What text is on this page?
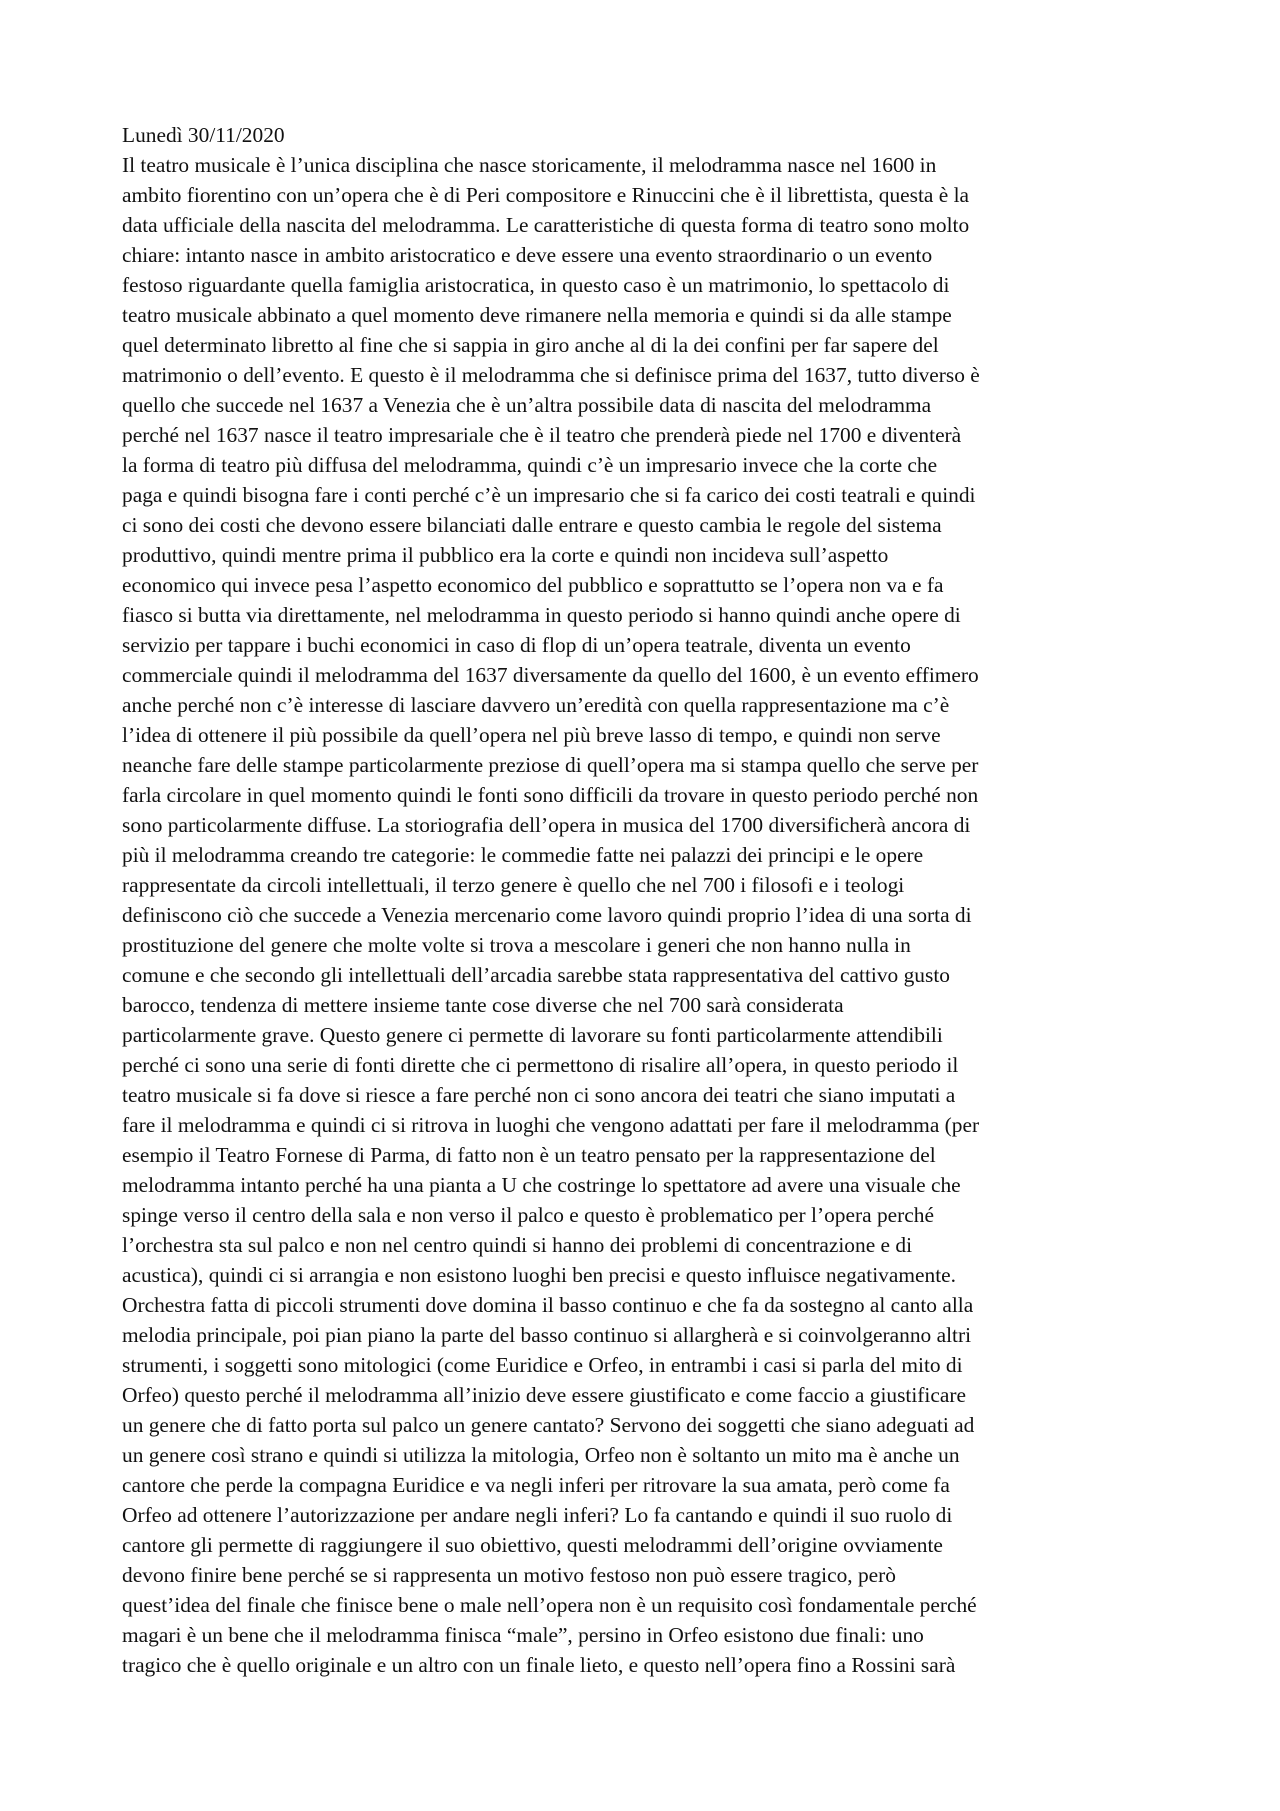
Lunedì 30/11/2020
Il teatro musicale è l’unica disciplina che nasce storicamente, il melodramma nasce nel 1600 in
ambito fiorentino con un’opera che è di Peri compositore e Rinuccini che è il librettista, questa è la
data ufficiale della nascita del melodramma. Le caratteristiche di questa forma di teatro sono molto
chiare: intanto nasce in ambito aristocratico e deve essere una evento straordinario o un evento
festoso riguardante quella famiglia aristocratica, in questo caso è un matrimonio, lo spettacolo di
teatro musicale abbinato a quel momento deve rimanere nella memoria e quindi si da alle stampe
quel determinato libretto al fine che si sappia in giro anche al di la dei confini per far sapere del
matrimonio o dell’evento. E questo è il melodramma che si definisce prima del 1637, tutto diverso è
quello che succede nel 1637 a Venezia che è un’altra possibile data di nascita del melodramma
perché nel 1637 nasce il teatro impresariale che è il teatro che prenderà piede nel 1700 e diventerà
la forma di teatro più diffusa del melodramma, quindi c’è un impresario invece che la corte che
paga e quindi bisogna fare i conti perché c’è un impresario che si fa carico dei costi teatrali e quindi
ci sono dei costi che devono essere bilanciati dalle entrare e questo cambia le regole del sistema
produttivo, quindi mentre prima il pubblico era la corte e quindi non incideva sull’aspetto
economico qui invece pesa l’aspetto economico del pubblico e soprattutto se l’opera non va e fa
fiasco si butta via direttamente, nel melodramma in questo periodo si hanno quindi anche opere di
servizio per tappare i buchi economici in caso di flop di un’opera teatrale, diventa un evento
commerciale quindi il melodramma del 1637 diversamente da quello del 1600, è un evento effimero
anche perché non c’è interesse di lasciare davvero un’eredità con quella rappresentazione ma c’è
l’idea di ottenere il più possibile da quell’opera nel più breve lasso di tempo, e quindi non serve
neanche fare delle stampe particolarmente preziose di quell’opera ma si stampa quello che serve per
farla circolare in quel momento quindi le fonti sono difficili da trovare in questo periodo perché non
sono particolarmente diffuse. La storiografia dell’opera in musica del 1700 diversificherà ancora di
più il melodramma creando tre categorie: le commedie fatte nei palazzi dei principi e le opere
rappresentate da circoli intellettuali, il terzo genere è quello che nel 700 i filosofi e i teologi
definiscono ciò che succede a Venezia mercenario come lavoro quindi proprio l’idea di una sorta di
prostituzione del genere che molte volte si trova a mescolare i generi che non hanno nulla in
comune e che secondo gli intellettuali dell’arcadia sarebbe stata rappresentativa del cattivo gusto
barocco, tendenza di mettere insieme tante cose diverse che nel 700 sarà considerata
particolarmente grave. Questo genere ci permette di lavorare su fonti particolarmente attendibili
perché ci sono una serie di fonti dirette che ci permettono di risalire all’opera, in questo periodo il
teatro musicale si fa dove si riesce a fare perché non ci sono ancora dei teatri che siano imputati a
fare il melodramma e quindi ci si ritrova in luoghi che vengono adattati per fare il melodramma (per
esempio il Teatro Fornese di Parma, di fatto non è un teatro pensato per la rappresentazione del
melodramma intanto perché ha una pianta a U che costringe lo spettatore ad avere una visuale che
spinge verso il centro della sala e non verso il palco e questo è problematico per l’opera perché
l’orchestra sta sul palco e non nel centro quindi si hanno dei problemi di concentrazione e di
acustica), quindi ci si arrangia e non esistono luoghi ben precisi e questo influisce negativamente.
Orchestra fatta di piccoli strumenti dove domina il basso continuo e che fa da sostegno al canto alla
melodia principale, poi pian piano la parte del basso continuo si allargherà e si coinvolgeranno altri
strumenti, i soggetti sono mitologici (come Euridice e Orfeo, in entrambi i casi si parla del mito di
Orfeo) questo perché il melodramma all’inizio deve essere giustificato e come faccio a giustificare
un genere che di fatto porta sul palco un genere cantato? Servono dei soggetti che siano adeguati ad
un genere così strano e quindi si utilizza la mitologia, Orfeo non è soltanto un mito ma è anche un
cantore che perde la compagna Euridice e va negli inferi per ritrovare la sua amata, però come fa
Orfeo ad ottenere l’autorizzazione per andare negli inferi? Lo fa cantando e quindi il suo ruolo di
cantore gli permette di raggiungere il suo obiettivo, questi melodrammi dell’origine ovviamente
devono finire bene perché se si rappresenta un motivo festoso non può essere tragico, però
quest’idea del finale che finisce bene o male nell’opera non è un requisito così fondamentale perché
magari è un bene che il melodramma finisca “male”, persino in Orfeo esistono due finali: uno
tragico che è quello originale e un altro con un finale lieto, e questo nell’opera fino a Rossini sarà
